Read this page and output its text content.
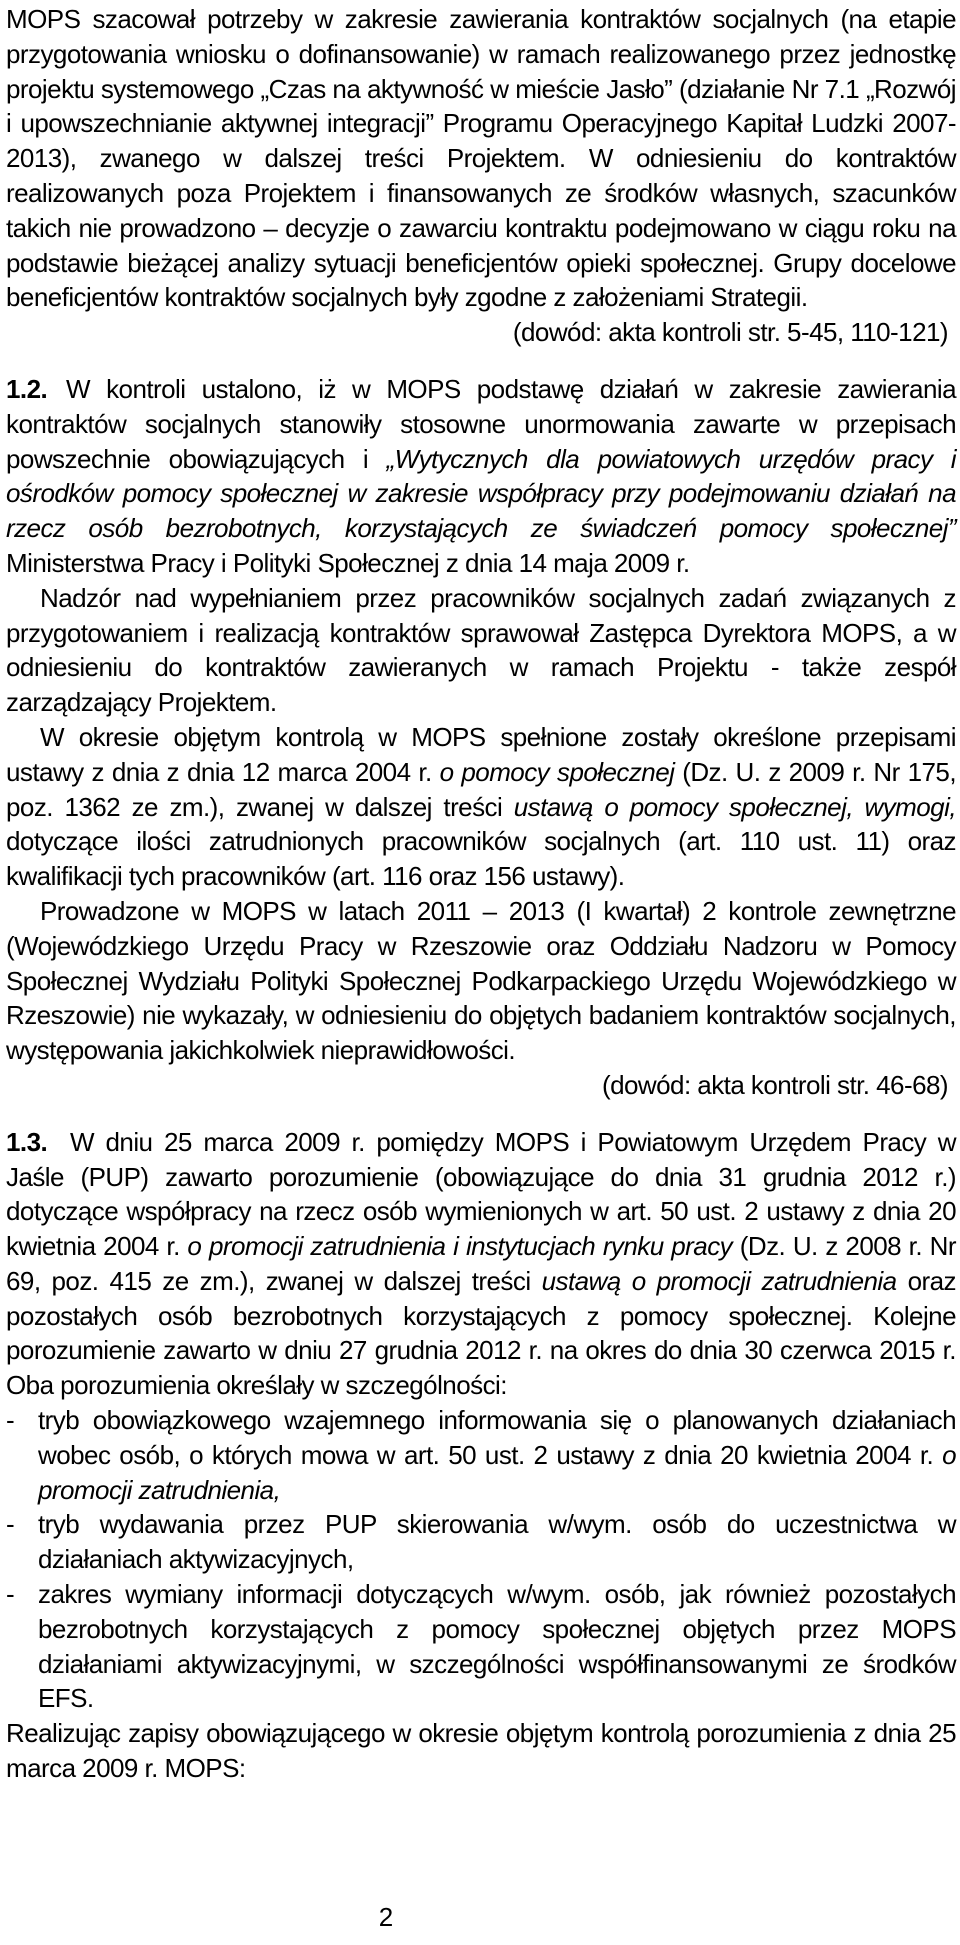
MOPS szacował potrzeby w zakresie zawierania kontraktów socjalnych (na etapie przygotowania wniosku o dofinansowanie) w ramach realizowanego przez jednostkę projektu systemowego „Czas na aktywność w mieście Jasło” (działanie Nr 7.1 „Rozwój i upowszechnianie aktywnej integracji” Programu Operacyjnego Kapitał Ludzki 2007-2013), zwanego w dalszej treści Projektem. W odniesieniu do kontraktów realizowanych poza Projektem i finansowanych ze środków własnych, szacunków takich nie prowadzono – decyzje o zawarciu kontraktu podejmowano w ciągu roku na podstawie bieżącej analizy sytuacji beneficjentów opieki społecznej. Grupy docelowe beneficjentów kontraktów socjalnych były zgodne z założeniami Strategii.

(dowód: akta kontroli str. 5-45, 110-121)

1.2. W kontroli ustalono, iż w MOPS podstawę działań w zakresie zawierania kontraktów socjalnych stanowiły stosowne unormowania zawarte w przepisach powszechnie obowiązujących i „Wytycznych dla powiatowych urzędów pracy i ośrodków pomocy społecznej w zakresie współpracy przy podejmowaniu działań na rzecz osób bezrobotnych, korzystających ze świadczeń pomocy społecznej” Ministerstwa Pracy i Polityki Społecznej z dnia 14 maja 2009 r.

Nadzór nad wypełnianiem przez pracowników socjalnych zadań związanych z przygotowaniem i realizacją kontraktów sprawował Zastępca Dyrektora MOPS, a w odniesieniu do kontraktów zawieranych w ramach Projektu - także zespół zarządzający Projektem.

W okresie objętym kontrolą w MOPS spełnione zostały określone przepisami ustawy z dnia z dnia 12 marca 2004 r. o pomocy społecznej (Dz. U. z 2009 r. Nr 175, poz. 1362 ze zm.), zwanej w dalszej treści ustawą o pomocy społecznej, wymogi, dotyczące ilości zatrudnionych pracowników socjalnych (art. 110 ust. 11) oraz kwalifikacji tych pracowników (art. 116 oraz 156 ustawy).

Prowadzone w MOPS w latach 2011 – 2013 (I kwartał) 2 kontrole zewnętrzne (Wojewódzkiego Urzędu Pracy w Rzeszowie oraz Oddziału Nadzoru w Pomocy Społecznej Wydziału Polityki Społecznej Podkarpackiego Urzędu Wojewódzkiego w Rzeszowie) nie wykazały, w odniesieniu do objętych badaniem kontraktów socjalnych, występowania jakichkolwiek nieprawidłowości.

(dowód: akta kontroli str. 46-68)

1.3. W dniu 25 marca 2009 r. pomiędzy MOPS i Powiatowym Urzędem Pracy w Jaśle (PUP) zawarto porozumienie (obowiązujące do dnia 31 grudnia 2012 r.) dotyczące współpracy na rzecz osób wymienionych w art. 50 ust. 2 ustawy z dnia 20 kwietnia 2004 r. o promocji zatrudnienia i instytucjach rynku pracy (Dz. U. z 2008 r. Nr 69, poz. 415 ze zm.), zwanej w dalszej treści ustawą o promocji zatrudnienia oraz pozostałych osób bezrobotnych korzystających z pomocy społecznej. Kolejne porozumienie zawarto w dniu 27 grudnia 2012 r. na okres do dnia 30 czerwca 2015 r. Oba porozumienia określały w szczególności:

- tryb obowiązkowego wzajemnego informowania się o planowanych działaniach wobec osób, o których mowa w art. 50 ust. 2 ustawy z dnia 20 kwietnia 2004 r. o promocji zatrudnienia,
- tryb wydawania przez PUP skierowania w/wym. osób do uczestnictwa w działaniach aktywizacyjnych,
- zakres wymiany informacji dotyczących w/wym. osób, jak również pozostałych bezrobotnych korzystających z pomocy społecznej objętych przez MOPS działaniami aktywizacyjnymi, w szczególności współfinansowanymi ze środków EFS.

Realizując zapisy obowiązującego w okresie objętym kontrolą porozumienia z dnia 25 marca 2009 r. MOPS:

2
